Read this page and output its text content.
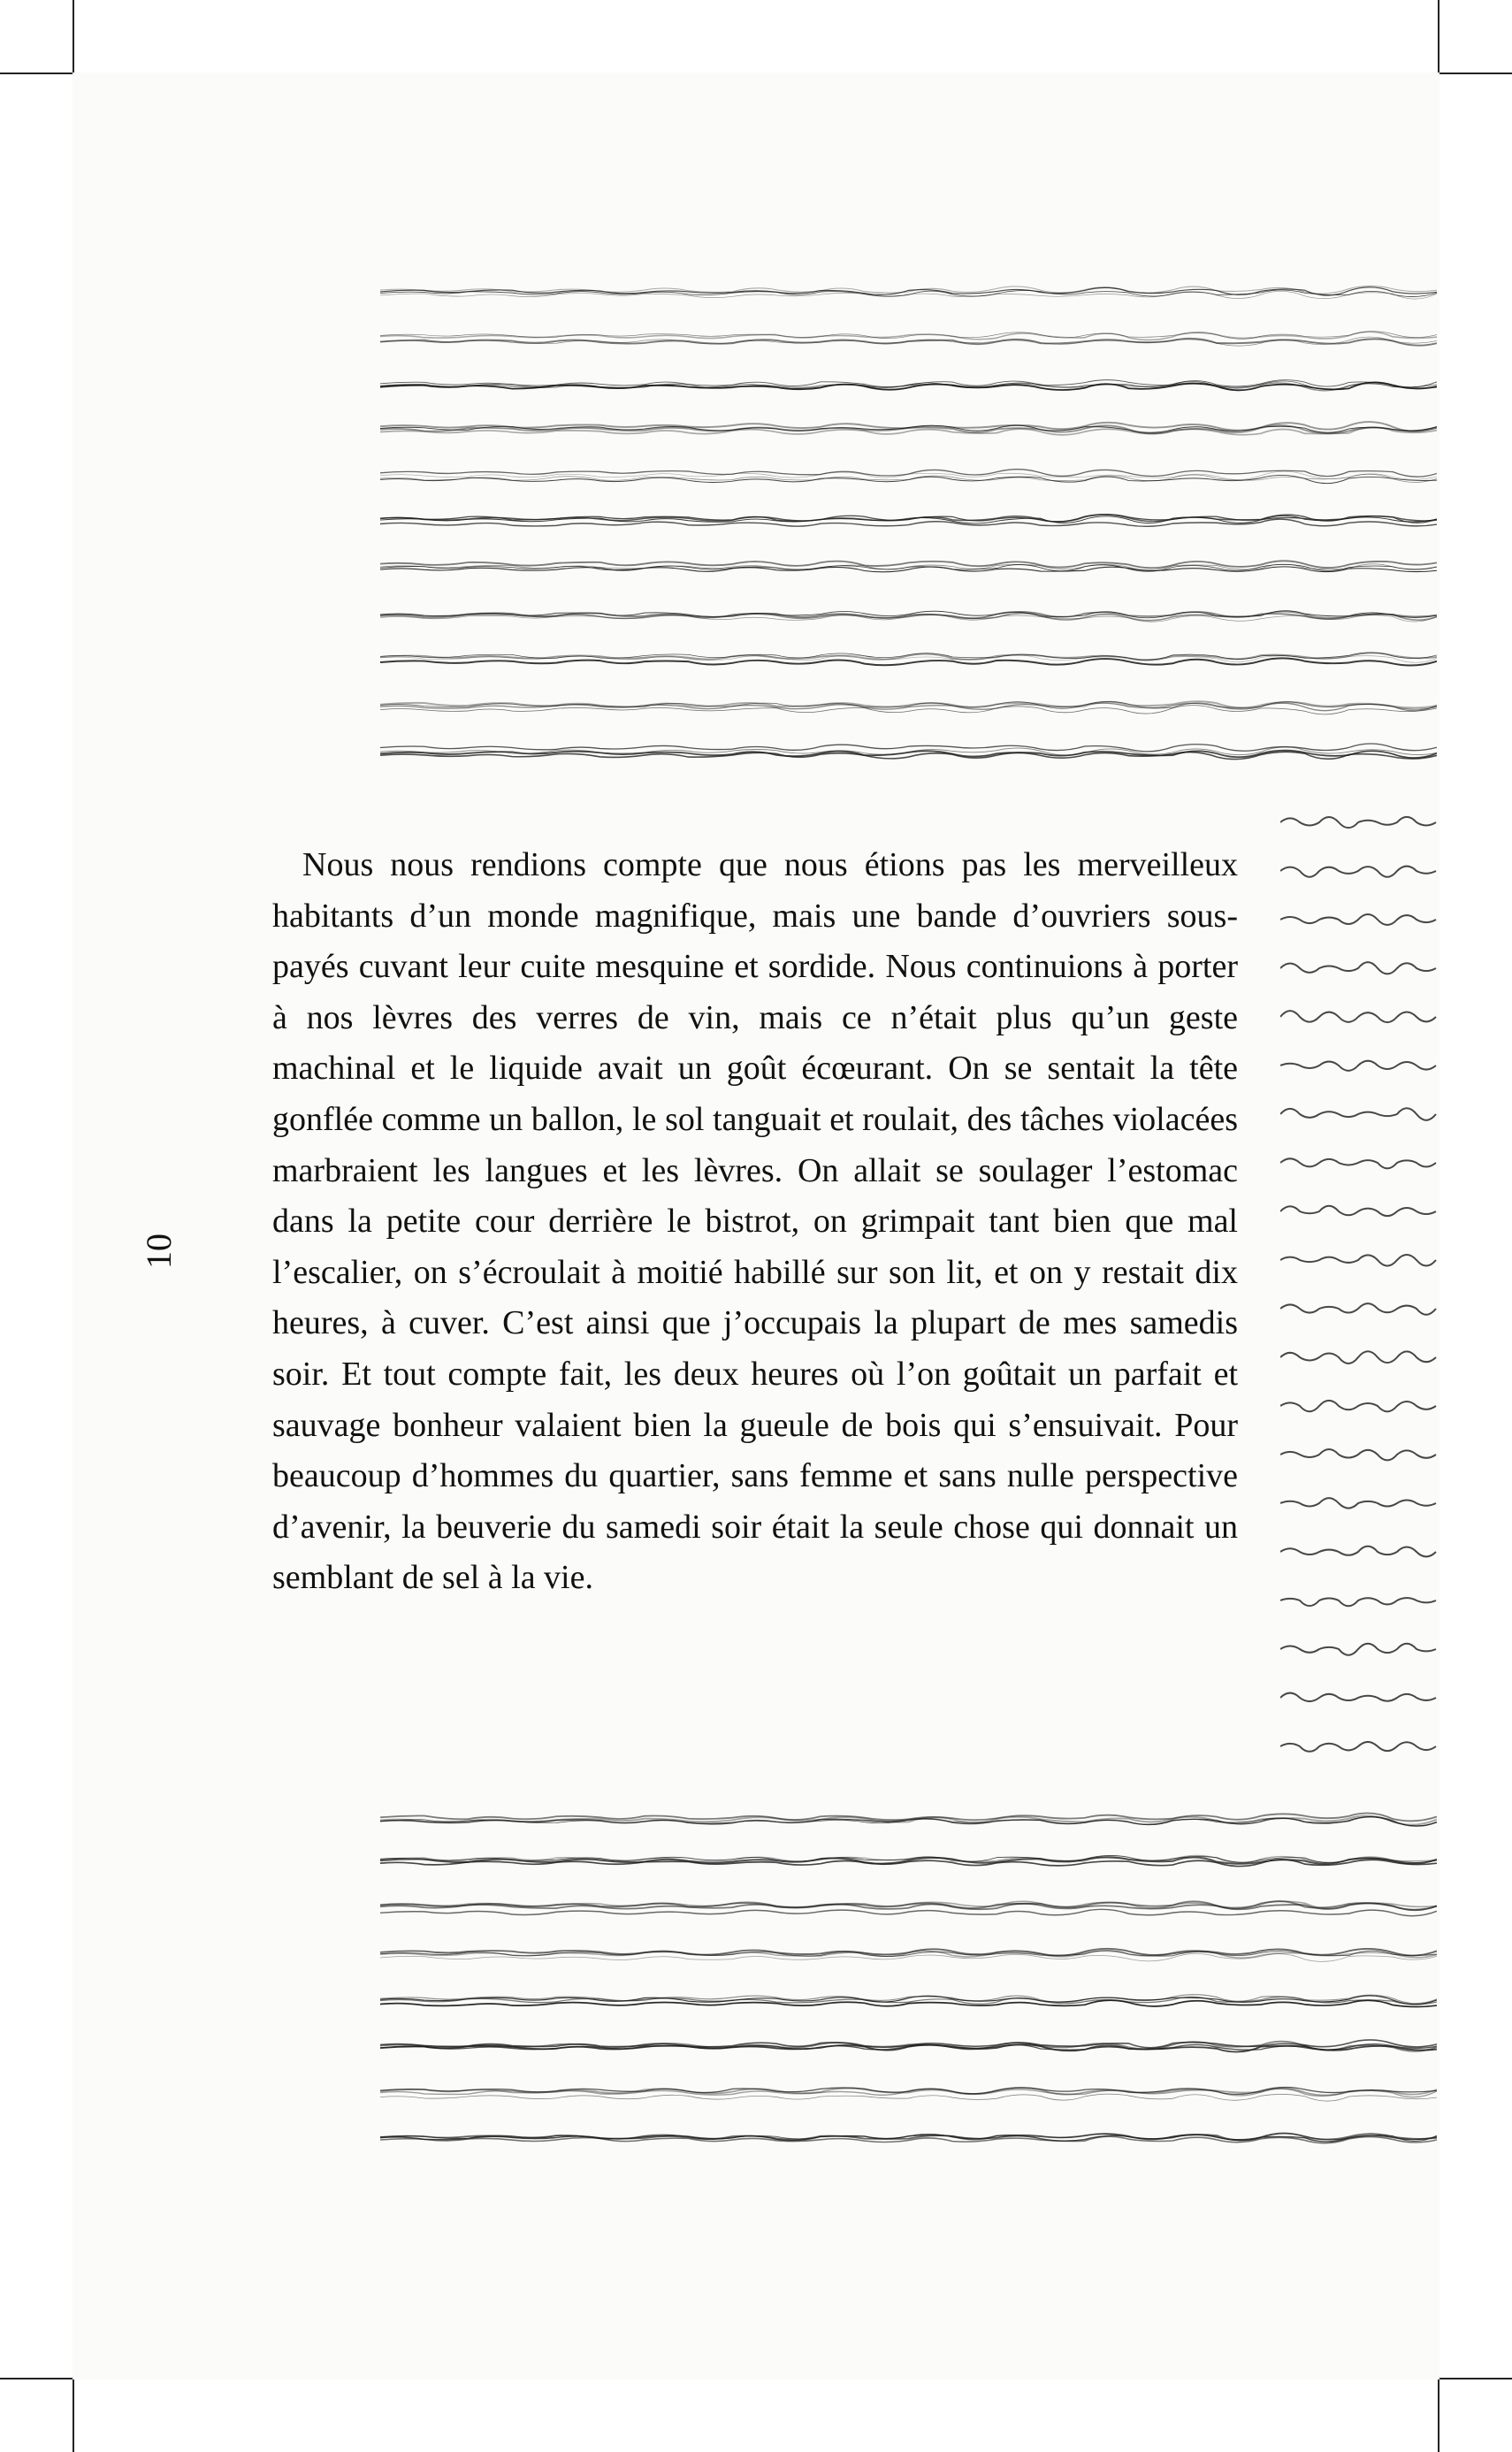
10

Nous nous rendions compte que nous étions pas les merveilleux habitants d’un monde magnifique, mais une bande d’ouvriers sous-payés cuvant leur cuite mesquine et sordide. Nous continuions à porter à nos lèvres des verres de vin, mais ce n’était plus qu’un geste machinal et le liquide avait un goût écœurant. On se sentait la tête gonflée comme un ballon, le sol tanguait et roulait, des tâches violacées marbraient les langues et les lèvres. On allait se soulager l’estomac dans la petite cour derrière le bistrot, on grimpait tant bien que mal l’escalier, on s’écroulait à moitié habillé sur son lit, et on y restait dix heures, à cuver. C’est ainsi que j’occupais la plupart de mes samedis soir. Et tout compte fait, les deux heures où l’on goûtait un parfait et sauvage bonheur valaient bien la gueule de bois qui s’ensuivait. Pour beaucoup d’hommes du quartier, sans femme et sans nulle perspective d’avenir, la beuverie du samedi soir était la seule chose qui donnait un semblant de sel à la vie.
